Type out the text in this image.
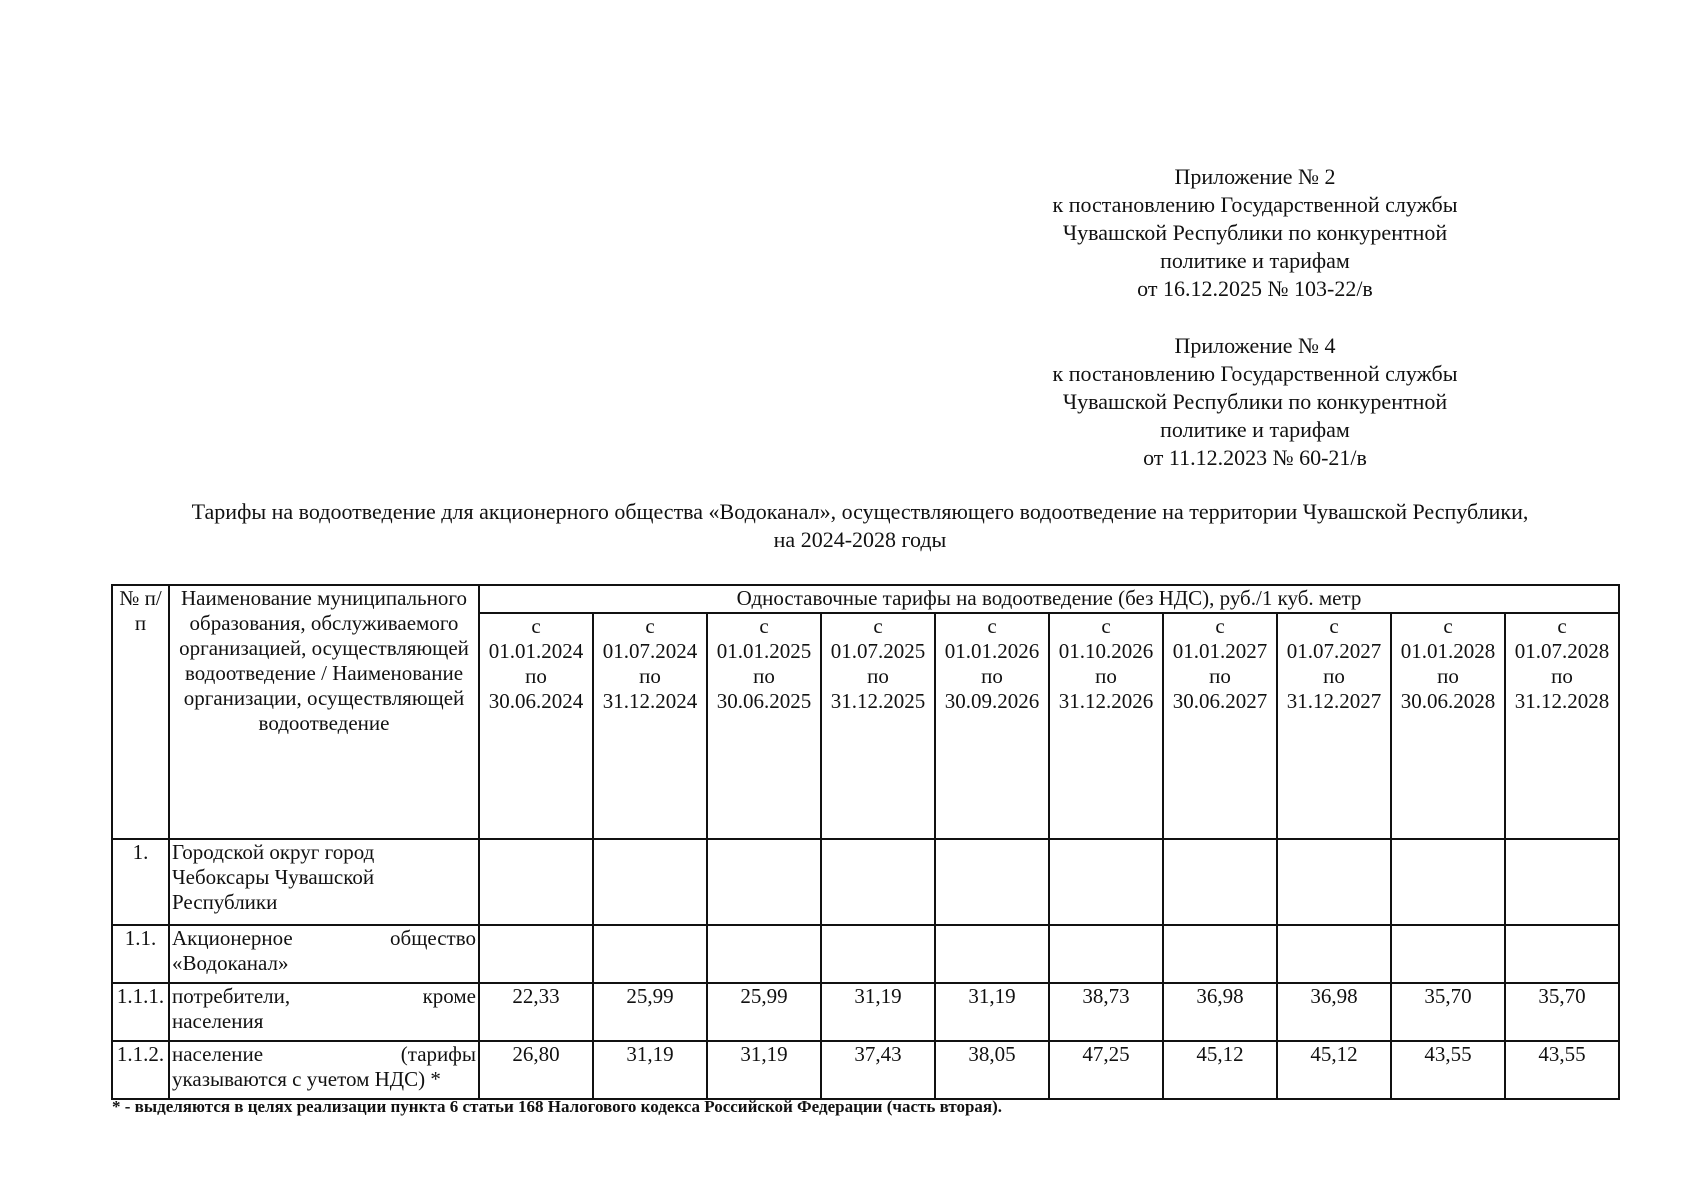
Приложение № 2
к постановлению Государственной службы
Чувашской Республики по конкурентной
политике и тарифам
от 16.12.2025 № 103-22/в
Приложение № 4
к постановлению Государственной службы
Чувашской Республики по конкурентной
политике и тарифам
от 11.12.2023 № 60-21/в
Тарифы на водоотведение для акционерного общества «Водоканал», осуществляющего водоотведение на территории Чувашской Республики,
на 2024-2028 годы
№ п/п	Наименование муниципального образования, обслуживаемого организацией, осуществляющей водоотведение / Наименование организации, осуществляющей водоотведение	Одноставочные тарифы на водоотведение (без НДС), руб./1 куб. метр									

		с
01.01.2024
по
30.06.2024	с
01.07.2024
по
31.12.2024	с
01.01.2025
по
30.06.2025	с
01.07.2025
по
31.12.2025	с
01.01.2026
по
30.09.2026	с
01.10.2026
по
31.12.2026	с
01.01.2027
по
30.06.2027	с
01.07.2027
по
31.12.2027	с
01.01.2028
по
30.06.2028	с
01.07.2028
по
31.12.2028

1.	Городской округ город Чебоксары Чувашской Республики										
1.1.	Акционерное общество
«Водоканал»										

1.1.1.	потребители, кроме
населения	22,33	25,99	25,99	31,19	31,19	38,73	36,98	36,98	35,70	35,70
1.1.2.	население (тарифы
указываются с учетом НДС) *	26,80	31,19	31,19	37,43	38,05	47,25	45,12	45,12	43,55	43,55
* - выделяются в целях реализации пункта 6 статьи 168 Налогового кодекса Российской Федерации (часть вторая).
